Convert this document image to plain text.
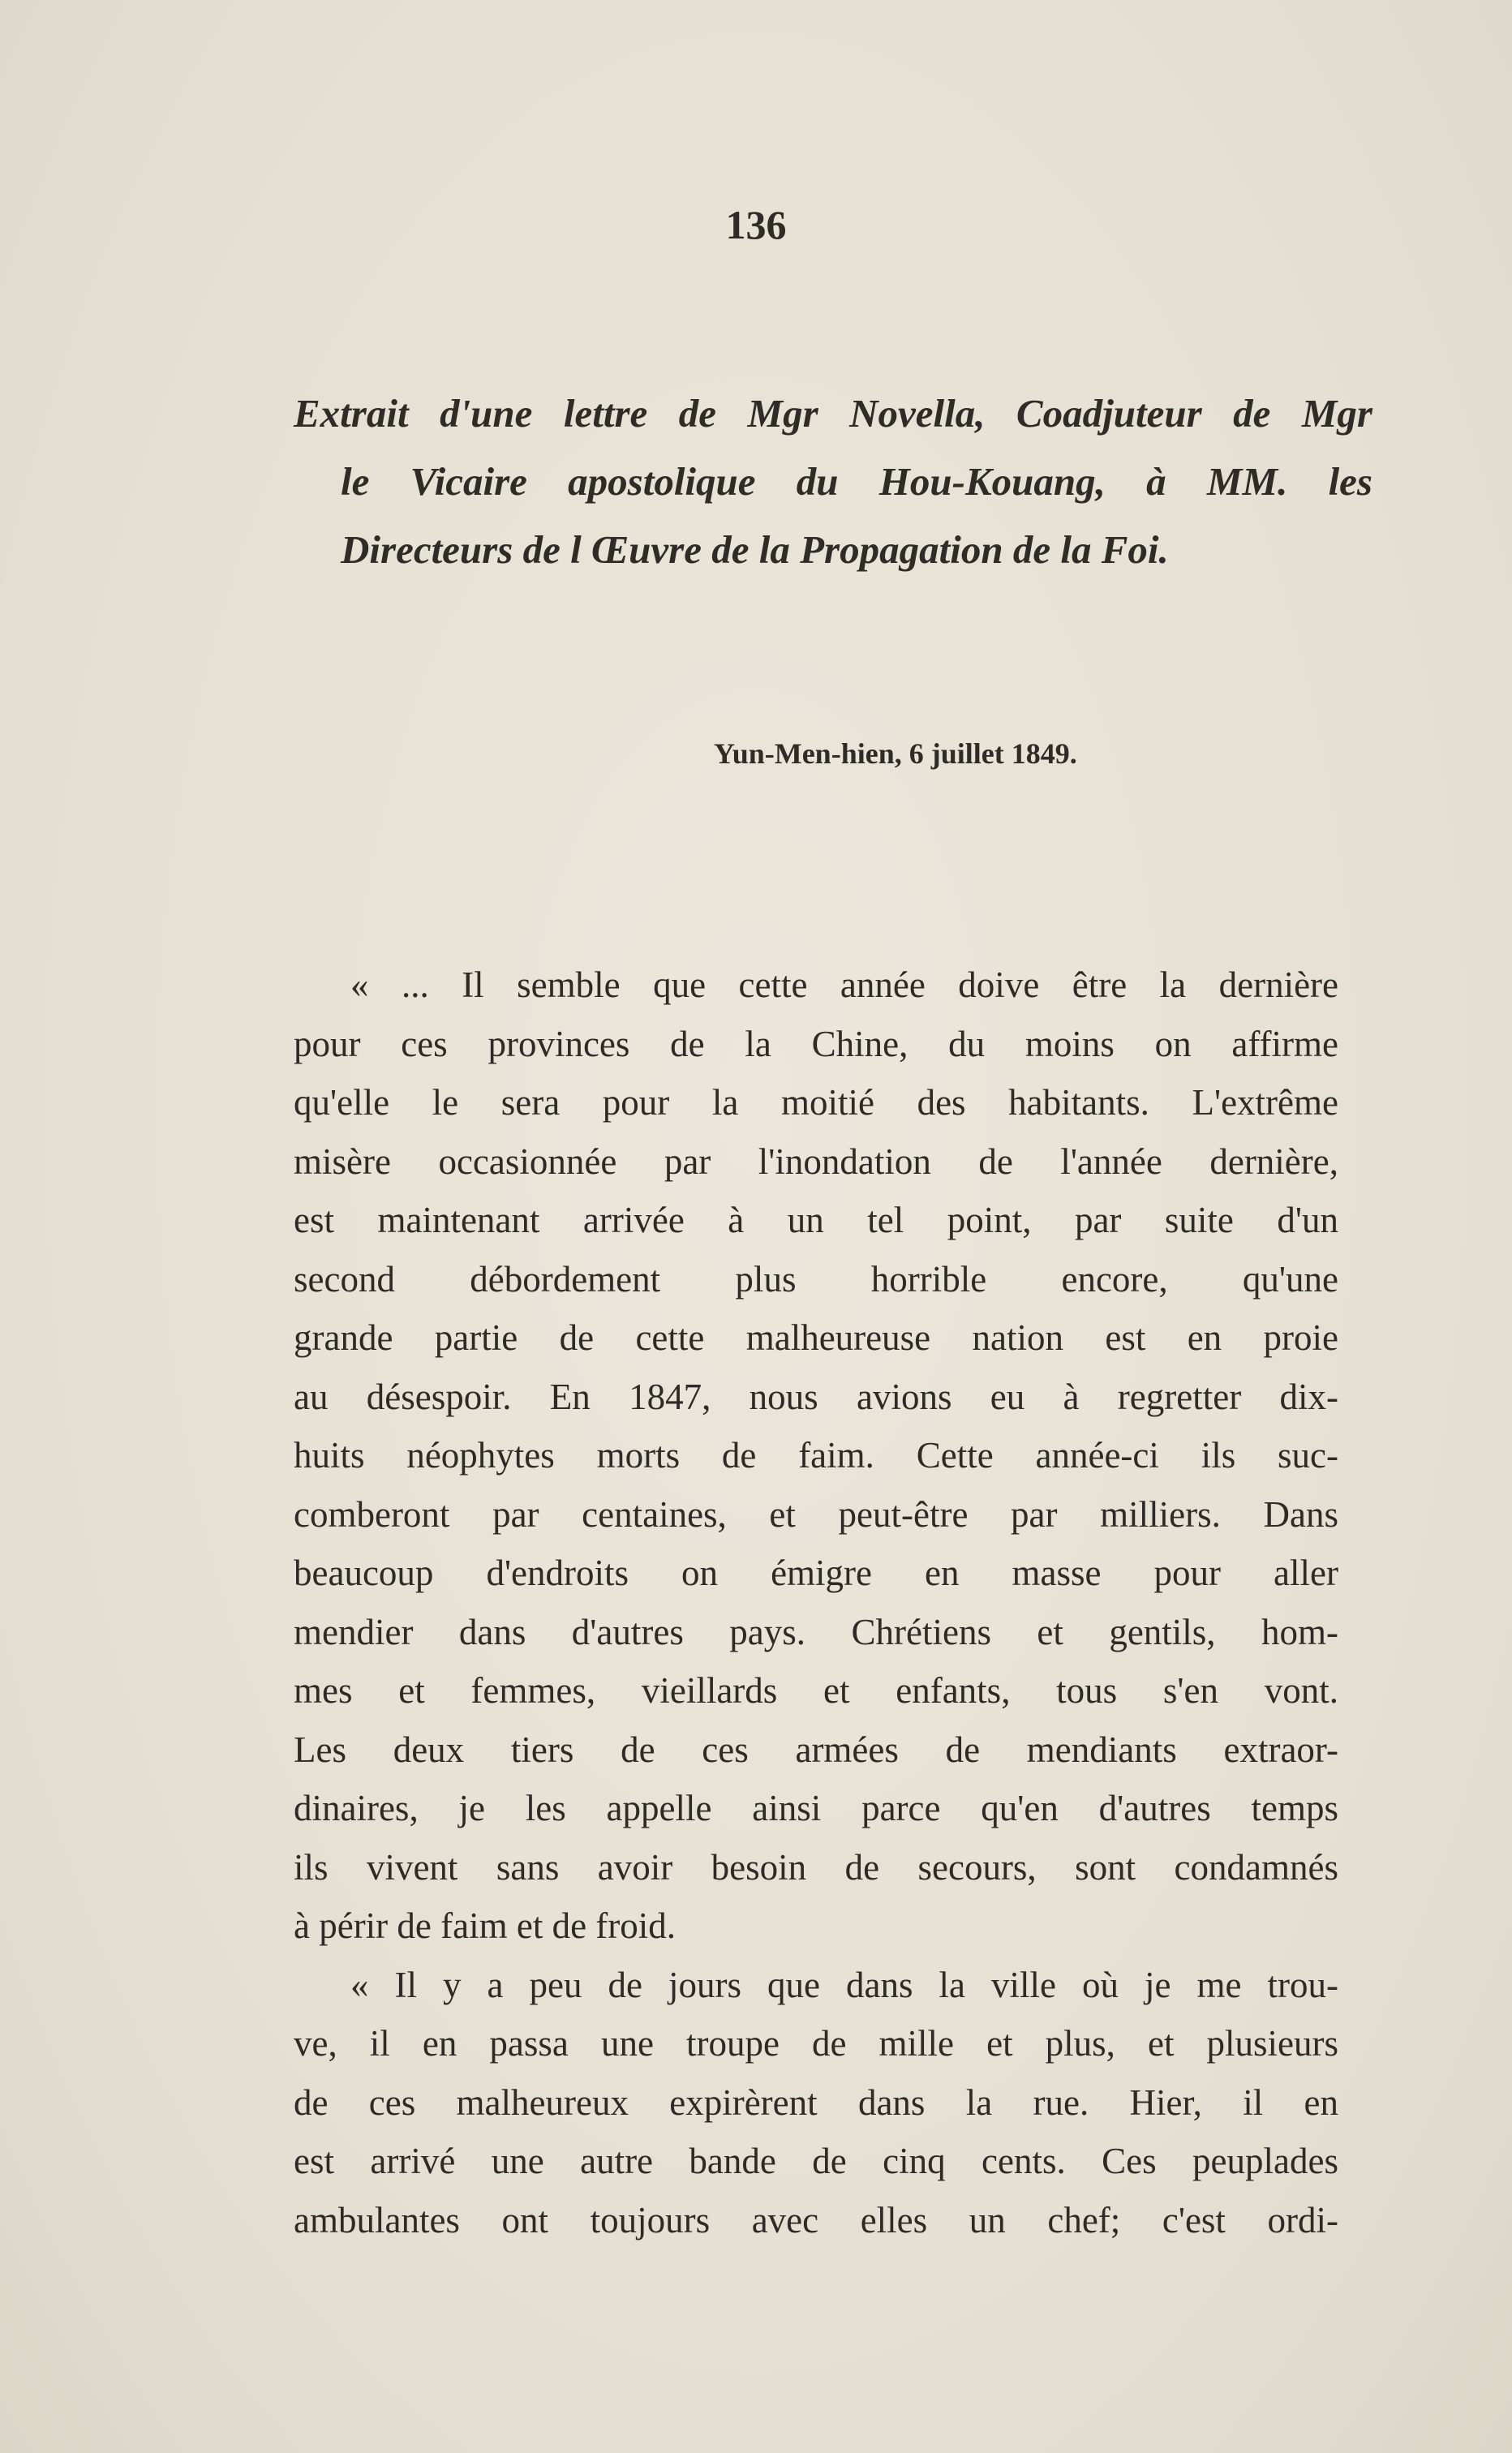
136
Extrait d'une lettre de Mgr Novella, Coadjuteur de Mgr
le Vicaire apostolique du Hou-Kouang, à MM. les
Directeurs de l Œuvre de la Propagation de la Foi.
Yun-Men-hien, 6 juillet 1849.
« ... Il semble que cette année doive être la dernière
pour ces provinces de la Chine, du moins on affirme
qu'elle le sera pour la moitié des habitants. L'extrême
misère occasionnée par l'inondation de l'année dernière,
est maintenant arrivée à un tel point, par suite d'un
second débordement plus horrible encore, qu'une
grande partie de cette malheureuse nation est en proie
au désespoir. En 1847, nous avions eu à regretter dix-
huits néophytes morts de faim. Cette année-ci ils suc-
comberont par centaines, et peut-être par milliers. Dans
beaucoup d'endroits on émigre en masse pour aller
mendier dans d'autres pays. Chrétiens et gentils, hom-
mes et femmes, vieillards et enfants, tous s'en vont.
Les deux tiers de ces armées de mendiants extraor-
dinaires, je les appelle ainsi parce qu'en d'autres temps
ils vivent sans avoir besoin de secours, sont condamnés
à périr de faim et de froid.
« Il y a peu de jours que dans la ville où je me trou-
ve, il en passa une troupe de mille et plus, et plusieurs
de ces malheureux expirèrent dans la rue. Hier, il en
est arrivé une autre bande de cinq cents. Ces peuplades
ambulantes ont toujours avec elles un chef; c'est ordi-
